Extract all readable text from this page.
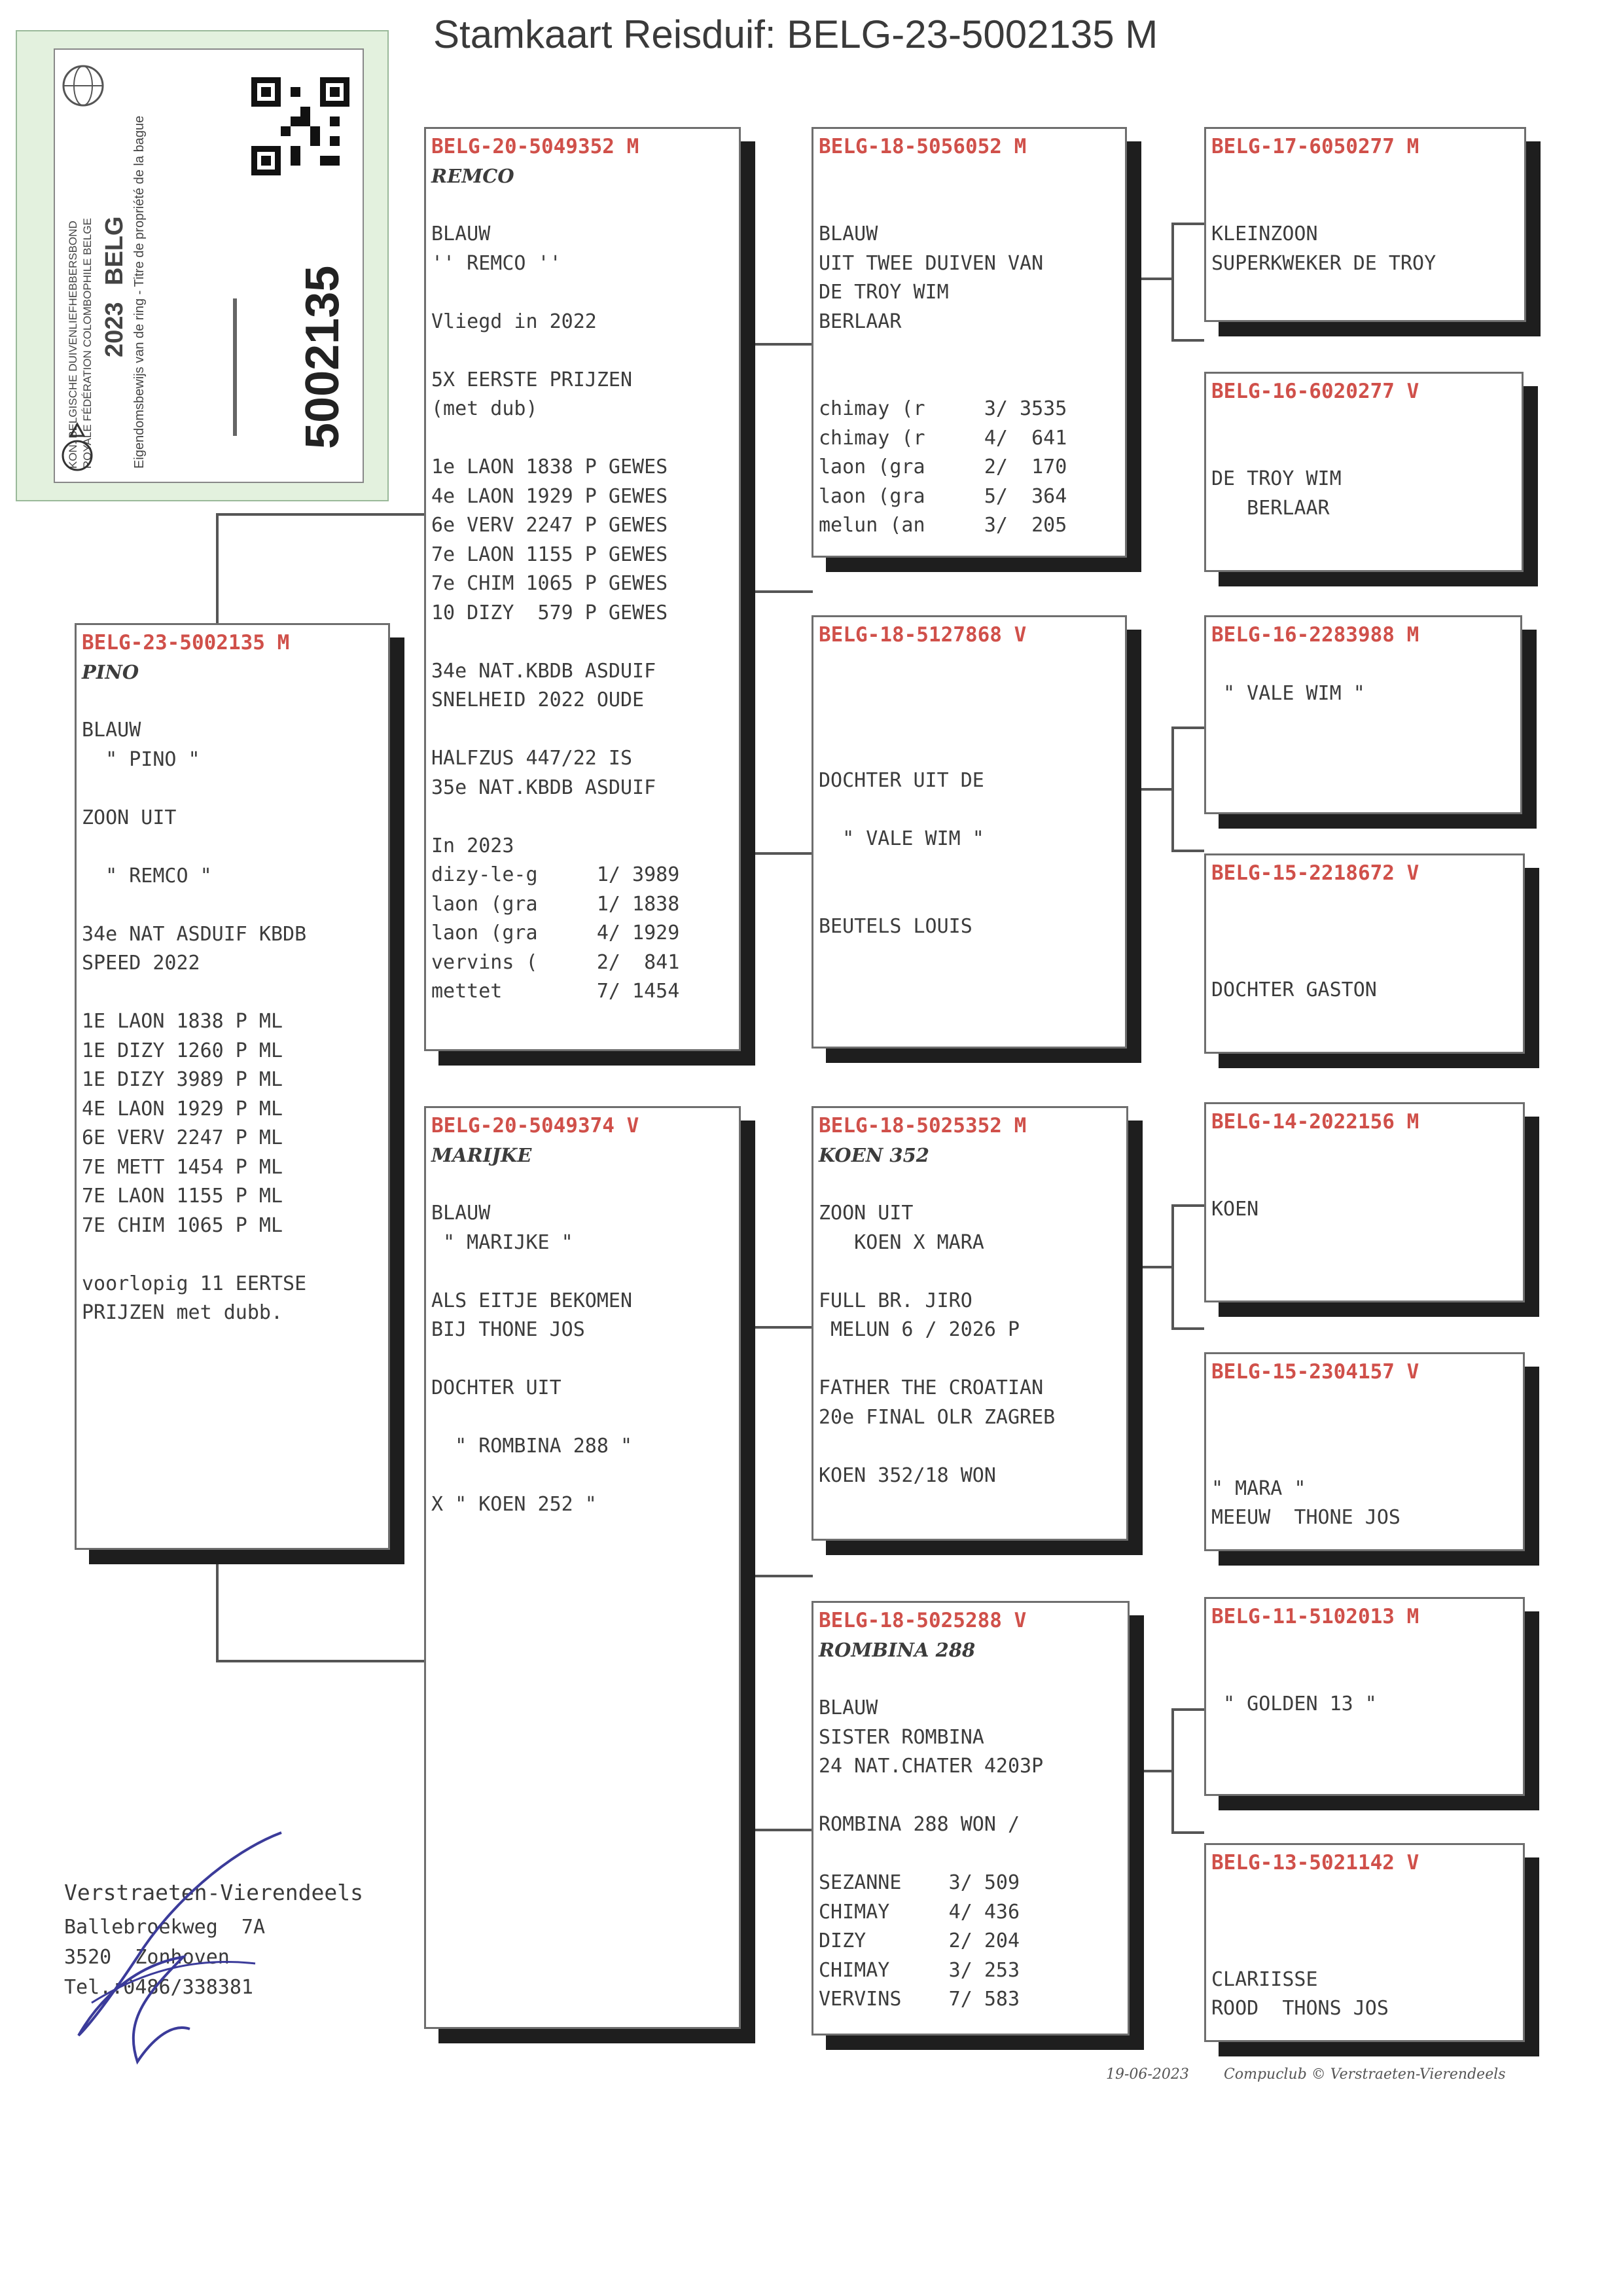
Stamkaart Reisduif: BELG-23-5002135 M
KON. BELGISCHE DUIVENLIEFHEBBERSBOND ROYALE FÉDÉRATION COLOMBOPHILE BELGE 2023
BELG Eigendomsbewijs van de ring - Titre de propriété de la bague	5002135
BELG-23-5002135 M
PINO

BLAUW
" PINO "

ZOON UIT

" REMCO "

34e NAT ASDUIF KBDB
SPEED 2022

1E LAON 1838 P ML
1E DIZY 1260 P ML
1E DIZY 3989 P ML
4E LAON 1929 P ML
6E VERV 2247 P ML
7E METT 1454 P ML
7E LAON 1155 P ML
7E CHIM 1065 P ML

voorlopig 11 EERTSE
PRIJZEN met dubb.
BELG-20-5049352 M
REMCO

BLAUW
'' REMCO ''

Vliegd in 2022

5X EERSTE PRIJZEN
(met dub)

1e LAON 1838 P GEWES
4e LAON 1929 P GEWES
6e VERV 2247 P GEWES
7e LAON 1155 P GEWES
7e CHIM 1065 P GEWES
10 DIZY  579 P GEWES

34e NAT.KBDB ASDUIF
SNELHEID 2022 OUDE

HALFZUS 447/22 IS
35e NAT.KBDB ASDUIF

In 2023
dizy-le-g     1/ 3989
laon (gra     1/ 1838
laon (gra     4/ 1929
vervins (     2/  841
mettet        7/ 1454
BELG-20-5049374 V
MARIJKE

BLAUW
" MARIJKE "

ALS EITJE BEKOMEN
BIJ THONE JOS

DOCHTER UIT

" ROMBINA 288 "

X " KOEN 252 "
BELG-18-5056052 M

BLAUW
UIT TWEE DUIVEN VAN
DE TROY WIM
BERLAAR

chimay (r     3/ 3535
chimay (r     4/  641
laon (gra     2/  170
laon (gra     5/  364
melun (an     3/  205
BELG-18-5127868 V

DOCHTER UIT DE

" VALE WIM "

BEUTELS LOUIS
BELG-18-5025352 M
KOEN 352

ZOON UIT
KOEN X MARA

FULL BR. JIRO
MELUN 6 / 2026 P

FATHER THE CROATIAN
20e FINAL OLR ZAGREB

KOEN 352/18 WON
BELG-18-5025288 V
ROMBINA 288

BLAUW
SISTER ROMBINA
24 NAT.CHATER 4203P

ROMBINA 288 WON /

SEZANNE    3/ 509
CHIMAY     4/ 436
DIZY       2/ 204
CHIMAY     3/ 253
VERVINS    7/ 583
BELG-17-6050277 M

KLEINZOON
SUPERKWEKER DE TROY
BELG-16-6020277 V

DE TROY WIM
BERLAAR
BELG-16-2283988 M

" VALE WIM "
BELG-15-2218672 V

DOCHTER GASTON
BELG-14-2022156 M

KOEN
BELG-15-2304157 V

" MARA "
MEEUW  THONE JOS
BELG-11-5102013 M

" GOLDEN 13 "
BELG-13-5021142 V

CLARIISSE
ROOD  THONS JOS
Verstraeten-Vierendeels
Ballebroekweg  7A
3520  Zonhoven
Tel.:0486/338381
19-06-2023 Compuclub © Verstraeten-Vierendeels
